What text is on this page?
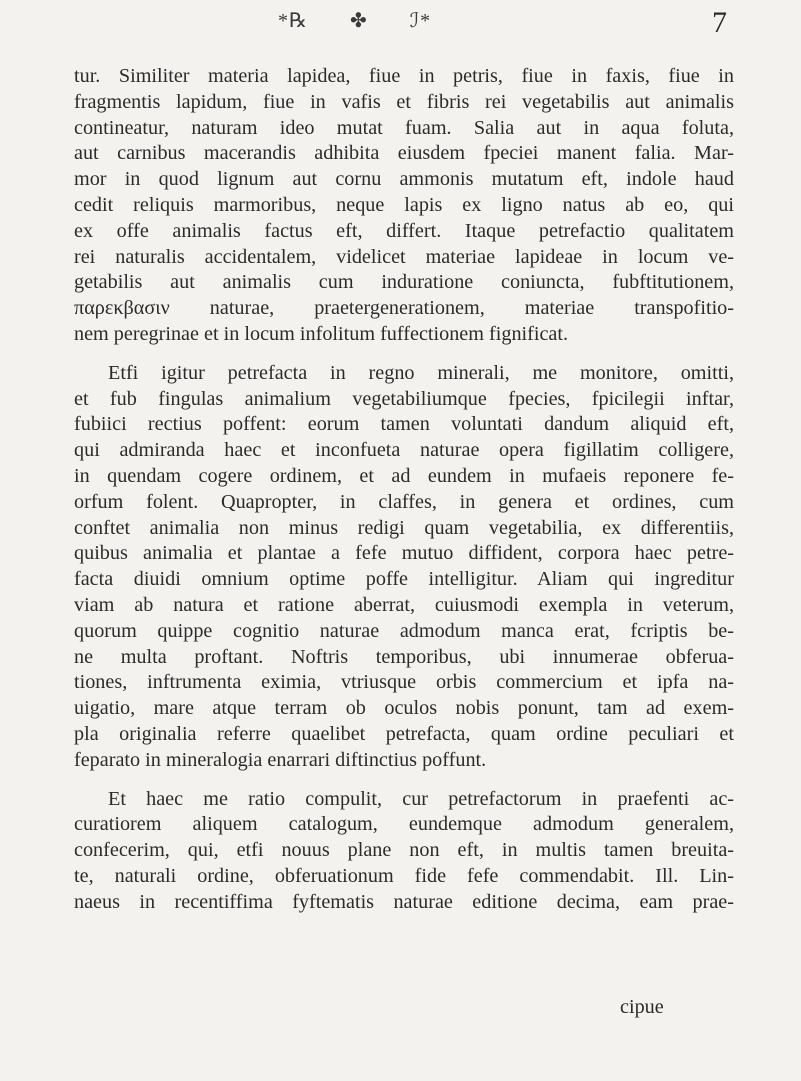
*℞ ✤ ℐ*	7
tur. Similiter materia lapidea, fiue in petris, fiue in faxis, fiue in
fragmentis lapidum, fiue in vafis et fibris rei vegetabilis aut animalis
contineatur, naturam ideo mutat fuam. Salia aut in aqua foluta,
aut carnibus macerandis adhibita eiusdem fpeciei manent falia. Mar-
mor in quod lignum aut cornu ammonis mutatum eft, indole haud
cedit reliquis marmoribus, neque lapis ex ligno natus ab eo, qui
ex offe animalis factus eft, differt. Itaque petrefactio qualitatem
rei naturalis accidentalem, videlicet materiae lapideae in locum ve-
getabilis aut animalis cum induratione coniuncta, fubftitutionem,
παρεκβασιν naturae, praetergenerationem, materiae transpofitio-
nem peregrinae et in locum infolitum fuffectionem fignificat.
Etfi igitur petrefacta in regno minerali, me monitore, omitti,
et fub fingulas animalium vegetabiliumque fpecies, fpicilegii inftar,
fubiici rectius poffent: eorum tamen voluntati dandum aliquid eft,
qui admiranda haec et inconfueta naturae opera figillatim colligere,
in quendam cogere ordinem, et ad eundem in mufaeis reponere fe-
orfum folent. Quapropter, in claffes, in genera et ordines, cum
conftet animalia non minus redigi quam vegetabilia, ex differentiis,
quibus animalia et plantae a fefe mutuo diffident, corpora haec petre-
facta diuidi omnium optime poffe intelligitur. Aliam qui ingreditur
viam ab natura et ratione aberrat, cuiusmodi exempla in veterum,
quorum quippe cognitio naturae admodum manca erat, fcriptis be-
ne multa proftant. Noftris temporibus, ubi innumerae obferua-
tiones, inftrumenta eximia, vtriusque orbis commercium et ipfa na-
uigatio, mare atque terram ob oculos nobis ponunt, tam ad exem-
pla originalia referre quaelibet petrefacta, quam ordine peculiari et
feparato in mineralogia enarrari diftinctius poffunt.
Et haec me ratio compulit, cur petrefactorum in praefenti ac-
curatiorem aliquem catalogum, eundemque admodum generalem,
confecerim, qui, etfi nouus plane non eft, in multis tamen breuita-
te, naturali ordine, obferuationum fide fefe commendabit. Ill. Lin-
naeus in recentiffima fyftematis naturae editione decima, eam prae-
cipue
